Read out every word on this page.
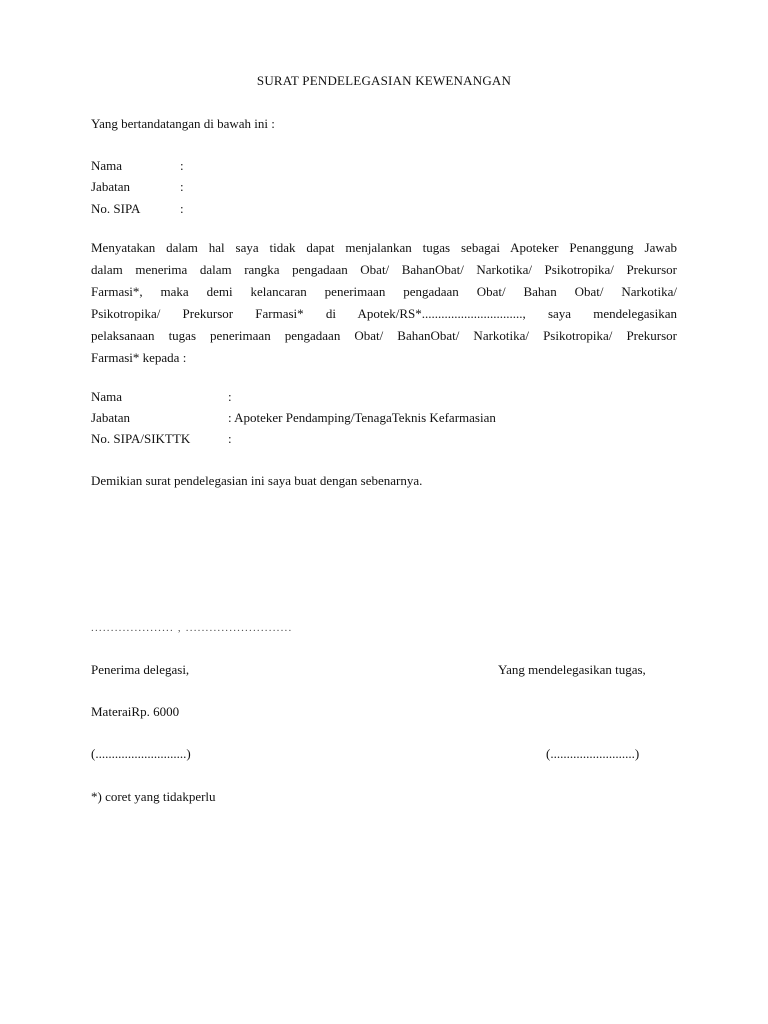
SURAT PENDELEGASIAN KEWENANGAN
Yang bertandatangan di bawah ini :
Nama	:
Jabatan	:
No. SIPA	:
Menyatakan dalam hal saya tidak dapat menjalankan tugas sebagai Apoteker Penanggung Jawab
dalam menerima dalam rangka pengadaan Obat/ BahanObat/ Narkotika/ Psikotropika/ Prekursor
Farmasi*, maka demi kelancaran penerimaan pengadaan Obat/ Bahan Obat/ Narkotika/
Psikotropika/ Prekursor Farmasi* di Apotek/RS*..............................., saya mendelegasikan
pelaksanaan tugas penerimaan pengadaan Obat/ BahanObat/ Narkotika/ Psikotropika/ Prekursor
Farmasi* kepada :
Nama	:
Jabatan	: Apoteker Pendamping/TenagaTeknis Kefarmasian
No. SIPA/SIKTTK	:
Demikian surat pendelegasian ini saya buat dengan sebenarnya.
..................... , ...........................
Penerima delegasi,	Yang mendelegasikan tugas,
MateraiRp. 6000
(............................)	(..........................)
*) coret yang tidakperlu
